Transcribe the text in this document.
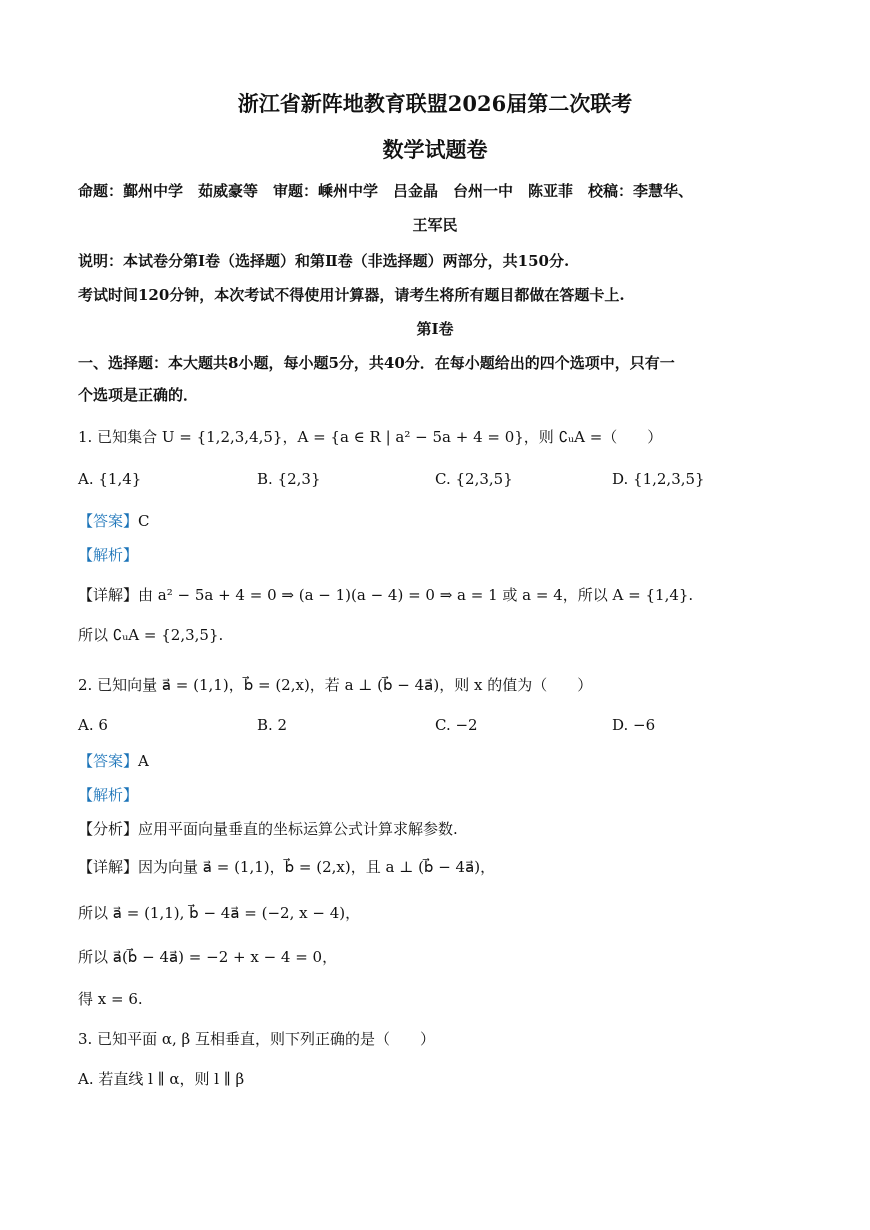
浙江省新阵地教育联盟2026届第二次联考
数学试题卷
命题：鄞州中学　茹威豪等　审题：嵊州中学　吕金晶　台州一中　陈亚菲　校稿：李慧华、
王军民
说明：本试卷分第Ⅰ卷（选择题）和第Ⅱ卷（非选择题）两部分，共150分.
考试时间120分钟，本次考试不得使用计算器，请考生将所有题目都做在答题卡上.
第Ⅰ卷
一、选择题：本大题共8小题，每小题5分，共40分．在每小题给出的四个选项中，只有一
个选项是正确的．
1. 已知集合 U = {1,2,3,4,5}，A = {a ∈ R | a² − 5a + 4 = 0}，则 ∁ᵤA =（　　）
A. {1,4}	B. {2,3}	C. {2,3,5}	D. {1,2,3,5}
【答案】C
【解析】
【详解】由 a² − 5a + 4 = 0 ⇒ (a − 1)(a − 4) = 0 ⇒ a = 1 或 a = 4，所以 A = {1,4}.
所以 ∁ᵤA = {2,3,5}.
2. 已知向量 a⃗ = (1,1)，b⃗ = (2,x)，若 a ⊥ (b⃗ − 4a⃗)，则 x 的值为（　　）
A. 6	B. 2	C. −2	D. −6
【答案】A
【解析】
【分析】应用平面向量垂直的坐标运算公式计算求解参数.
【详解】因为向量 a⃗ = (1,1)，b⃗ = (2,x)，且 a ⊥ (b⃗ − 4a⃗)，
所以 a⃗ = (1,1), b⃗ − 4a⃗ = (−2, x − 4)，
所以 a⃗(b⃗ − 4a⃗) = −2 + x − 4 = 0，
得 x = 6.
3. 已知平面 α, β 互相垂直，则下列正确的是（　　）
A. 若直线 l ∥ α，则 l ∥ β
